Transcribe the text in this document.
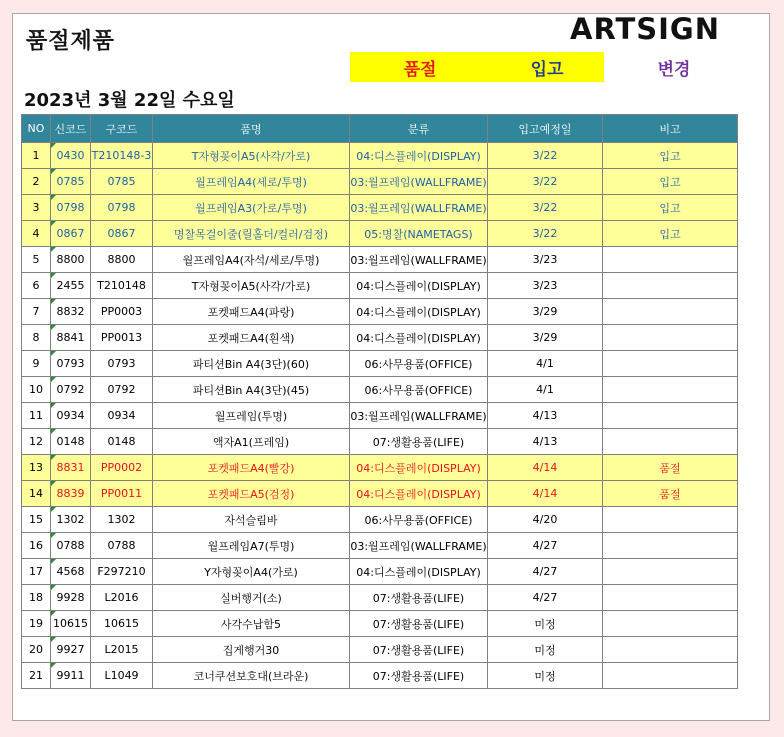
품절제품	ARTSIGN
품절	입고	변경
2023년 3월 22일 수요일
NO	신코드	구코드	품명	분류	입고예정일	비고
1	0430	T210148-3	T자형꽂이A5(사각/가로)	04:디스플레이(DISPLAY)	3/22	입고
2	0785	0785	월프레임A4(세로/투명)	03:월프레임(WALLFRAME)	3/22	입고
3	0798	0798	월프레임A3(가로/투명)	03:월프레임(WALLFRAME)	3/22	입고
4	0867	0867	명찰목걸이줄(릴홀더/컬러/검정)	05:명찰(NAMETAGS)	3/22	입고
5	8800	8800	월프레임A4(자석/세로/투명)	03:월프레임(WALLFRAME)	3/23	
6	2455	T210148	T자형꽂이A5(사각/가로)	04:디스플레이(DISPLAY)	3/23	
7	8832	PP0003	포켓패드A4(파랑)	04:디스플레이(DISPLAY)	3/29	
8	8841	PP0013	포켓패드A4(흰색)	04:디스플레이(DISPLAY)	3/29	
9	0793	0793	파티션Bin A4(3단)(60)	06:사무용품(OFFICE)	4/1	
10	0792	0792	파티션Bin A4(3단)(45)	06:사무용품(OFFICE)	4/1	
11	0934	0934	월프레임(투명)	03:월프레임(WALLFRAME)	4/13	
12	0148	0148	액자A1(프레임)	07:생활용품(LIFE)	4/13	
13	8831	PP0002	포켓패드A4(빨강)	04:디스플레이(DISPLAY)	4/14	품절
14	8839	PP0011	포켓패드A5(검정)	04:디스플레이(DISPLAY)	4/14	품절
15	1302	1302	자석슬림바	06:사무용품(OFFICE)	4/20	
16	0788	0788	월프레임A7(투명)	03:월프레임(WALLFRAME)	4/27	
17	4568	F297210	Y자형꽂이A4(가로)	04:디스플레이(DISPLAY)	4/27	
18	9928	L2016	실버행거(소)	07:생활용품(LIFE)	4/27	
19	10615	10615	사각수납함5	07:생활용품(LIFE)	미정	
20	9927	L2015	집게행거30	07:생활용품(LIFE)	미정	
21	9911	L1049	코너쿠션보호대(브라운)	07:생활용품(LIFE)	미정	
